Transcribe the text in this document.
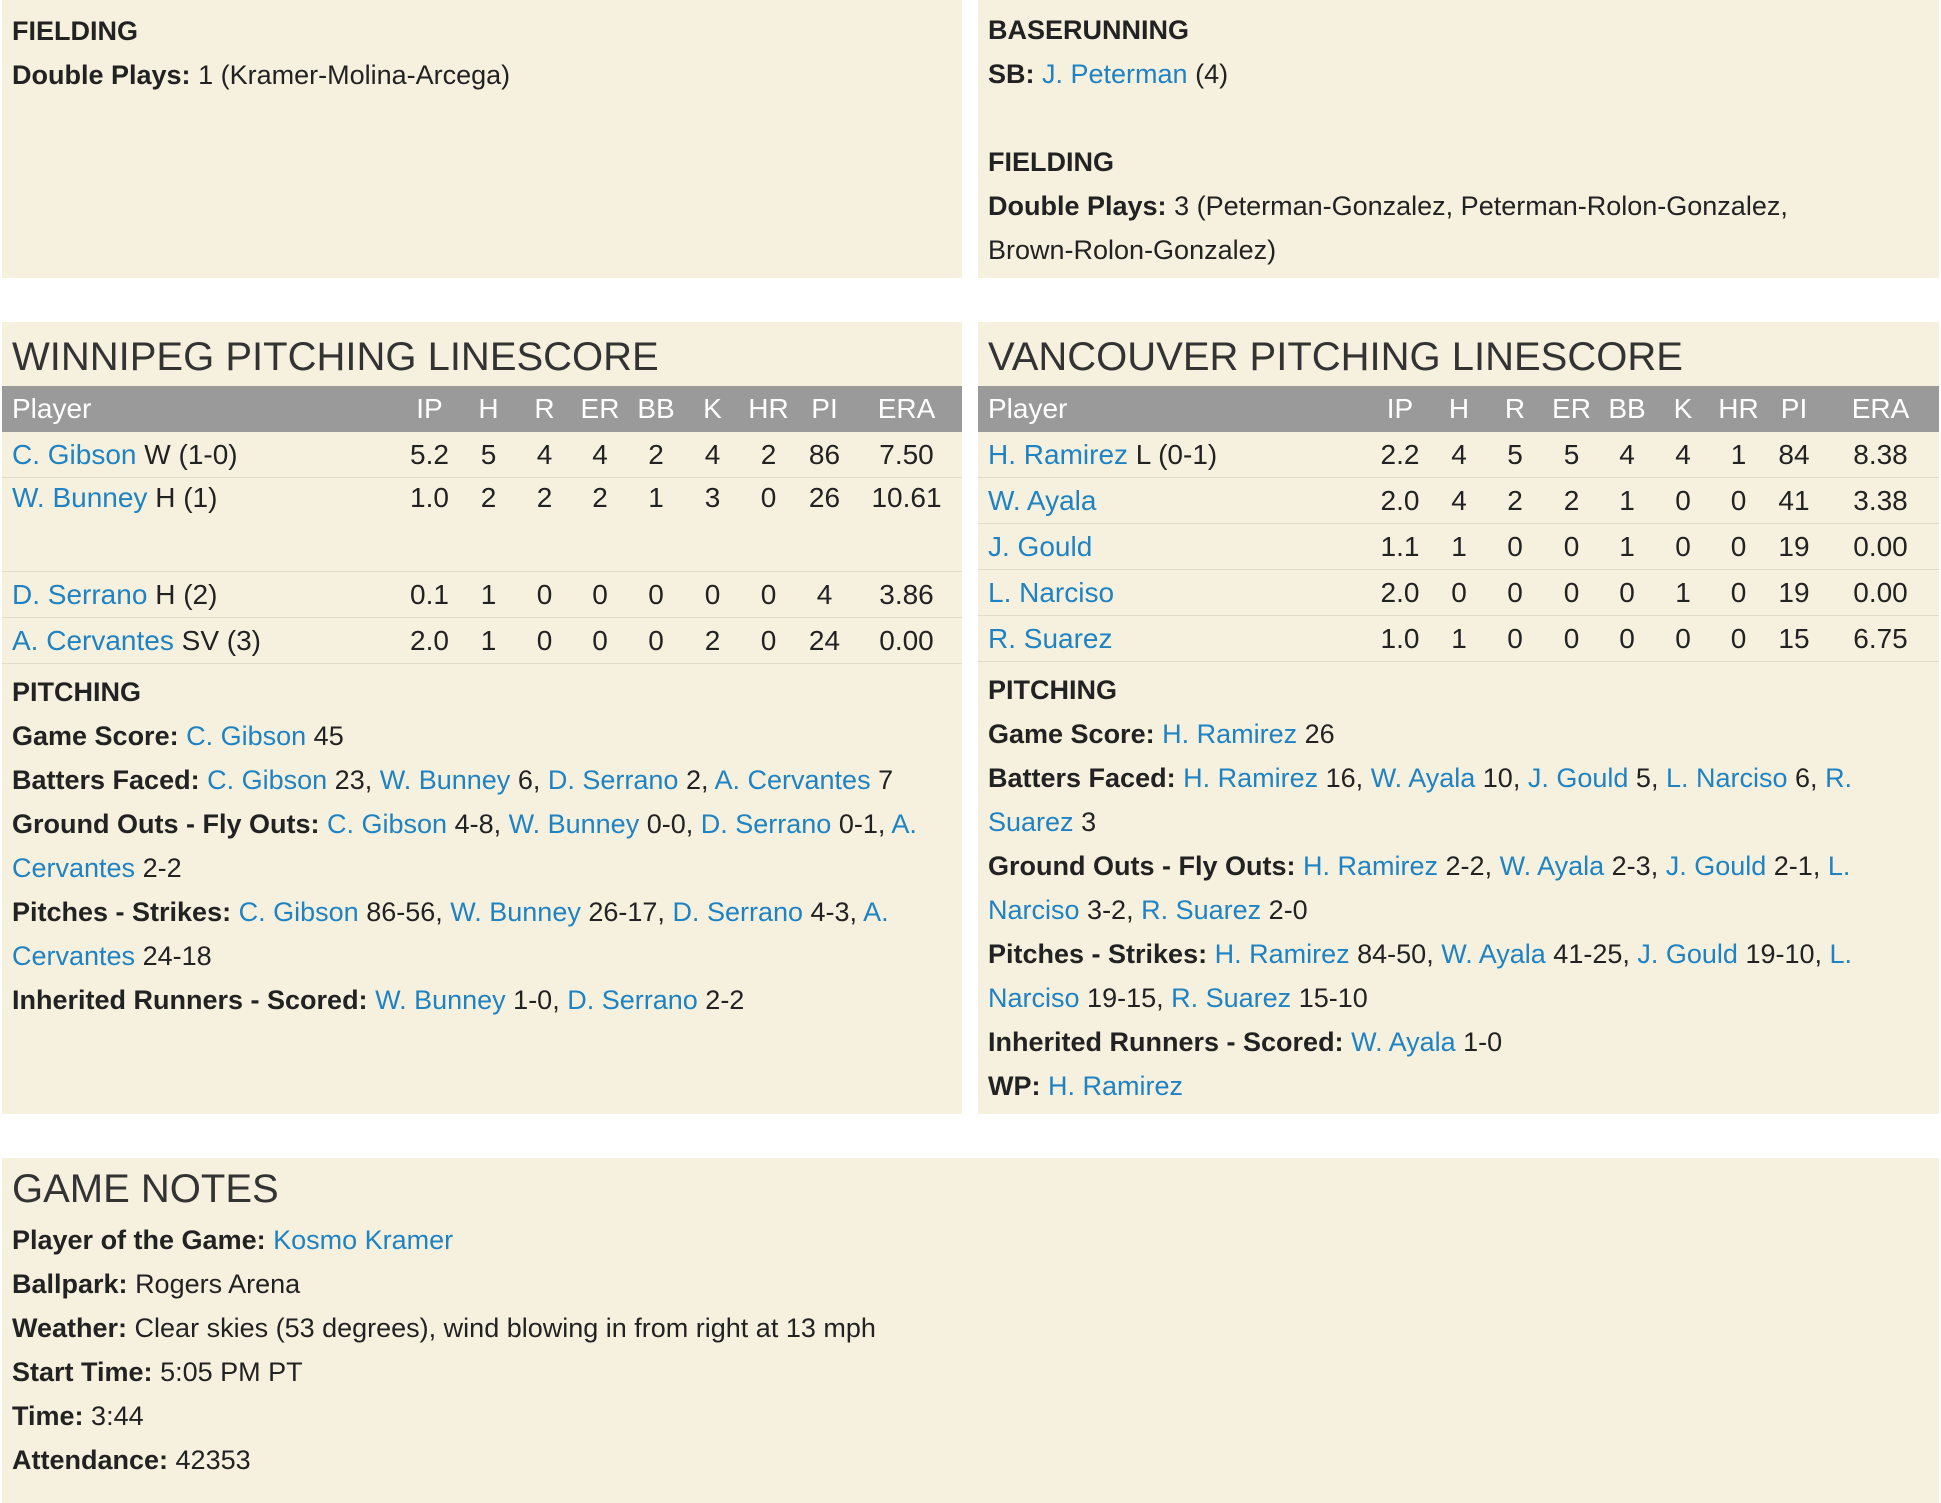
FIELDING
Double Plays: 1 (Kramer-Molina-Arcega)
BASERUNNING
SB: J. Peterman (4)
FIELDING
Double Plays: 3 (Peterman-Gonzalez, Peterman-Rolon-Gonzalez,
Brown-Rolon-Gonzalez)
WINNIPEG PITCHING LINESCORE
Player	IP	H	R	ER	BB	K	HR	PI	ERA
C. Gibson W (1-0)	5.2	5	4	4	2	4	2	86	7.50
W. Bunney H (1)	1.0	2	2	2	1	3	0	26	10.61
D. Serrano H (2)	0.1	1	0	0	0	0	0	4	3.86
A. Cervantes SV (3)	2.0	1	0	0	0	2	0	24	0.00
PITCHING
Game Score: C. Gibson 45
Batters Faced: C. Gibson 23, W. Bunney 6, D. Serrano 2, A. Cervantes 7
Ground Outs - Fly Outs: C. Gibson 4-8, W. Bunney 0-0, D. Serrano 0-1, A.
Cervantes 2-2
Pitches - Strikes: C. Gibson 86-56, W. Bunney 26-17, D. Serrano 4-3, A.
Cervantes 24-18
Inherited Runners - Scored: W. Bunney 1-0, D. Serrano 2-2
VANCOUVER PITCHING LINESCORE
Player	IP	H	R	ER	BB	K	HR	PI	ERA
H. Ramirez L (0-1)	2.2	4	5	5	4	4	1	84	8.38
W. Ayala	2.0	4	2	2	1	0	0	41	3.38
J. Gould	1.1	1	0	0	1	0	0	19	0.00
L. Narciso	2.0	0	0	0	0	1	0	19	0.00
R. Suarez	1.0	1	0	0	0	0	0	15	6.75
PITCHING
Game Score: H. Ramirez 26
Batters Faced: H. Ramirez 16, W. Ayala 10, J. Gould 5, L. Narciso 6, R.
Suarez 3
Ground Outs - Fly Outs: H. Ramirez 2-2, W. Ayala 2-3, J. Gould 2-1, L.
Narciso 3-2, R. Suarez 2-0
Pitches - Strikes: H. Ramirez 84-50, W. Ayala 41-25, J. Gould 19-10, L.
Narciso 19-15, R. Suarez 15-10
Inherited Runners - Scored: W. Ayala 1-0
WP: H. Ramirez
GAME NOTES
Player of the Game: Kosmo Kramer
Ballpark: Rogers Arena
Weather: Clear skies (53 degrees), wind blowing in from right at 13 mph
Start Time: 5:05 PM PT
Time: 3:44
Attendance: 42353
